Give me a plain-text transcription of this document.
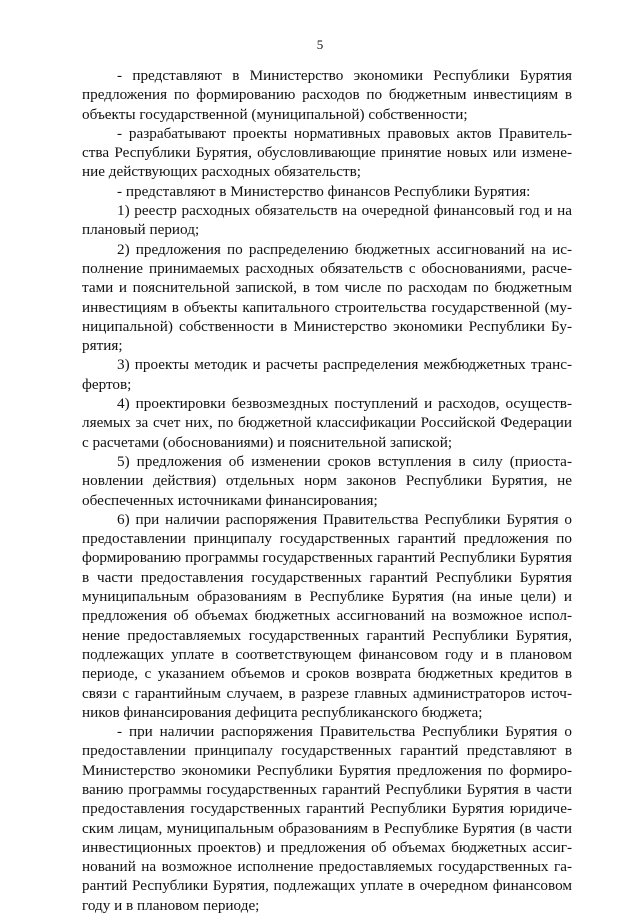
5

- представляют в Министерство экономики Республики Бурятия предложения по формированию расходов по бюджетным инвестициям в объекты государственной (муниципальной) собственности;

- разрабатывают проекты нормативных правовых актов Правительства Республики Бурятия, обусловливающие принятие новых или изменение действующих расходных обязательств;

- представляют в Министерство финансов Республики Бурятия:

1) реестр расходных обязательств на очередной финансовый год и на плановый период;

2) предложения по распределению бюджетных ассигнований на исполнение принимаемых расходных обязательств с обоснованиями, расчетами и пояснительной запиской, в том числе по расходам по бюджетным инвестициям в объекты капитального строительства государственной (муниципальной) собственности в Министерство экономики Республики Бурятия;

3) проекты методик и расчеты распределения межбюджетных трансфертов;

4) проектировки безвозмездных поступлений и расходов, осуществляемых за счет них, по бюджетной классификации Российской Федерации с расчетами (обоснованиями) и пояснительной запиской;

5) предложения об изменении сроков вступления в силу (приостановлении действия) отдельных норм законов Республики Бурятия, не обеспеченных источниками финансирования;

6) при наличии распоряжения Правительства Республики Бурятия о предоставлении принципалу государственных гарантий предложения по формированию программы государственных гарантий Республики Бурятия в части предоставления государственных гарантий Республики Бурятия муниципальным образованиям в Республике Бурятия (на иные цели) и предложения об объемах бюджетных ассигнований на возможное исполнение предоставляемых государственных гарантий Республики Бурятия, подлежащих уплате в соответствующем финансовом году и в плановом периоде, с указанием объемов и сроков возврата бюджетных кредитов в связи с гарантийным случаем, в разрезе главных администраторов источников финансирования дефицита республиканского бюджета;

- при наличии распоряжения Правительства Республики Бурятия о предоставлении принципалу государственных гарантий представляют в Министерство экономики Республики Бурятия предложения по формированию программы государственных гарантий Республики Бурятия в части предоставления государственных гарантий Республики Бурятия юридическим лицам, муниципальным образованиям в Республике Бурятия (в части инвестиционных проектов) и предложения об объемах бюджетных ассигнований на возможное исполнение предоставляемых государственных гарантий Республики Бурятия, подлежащих уплате в очередном финансовом году и в плановом периоде;
